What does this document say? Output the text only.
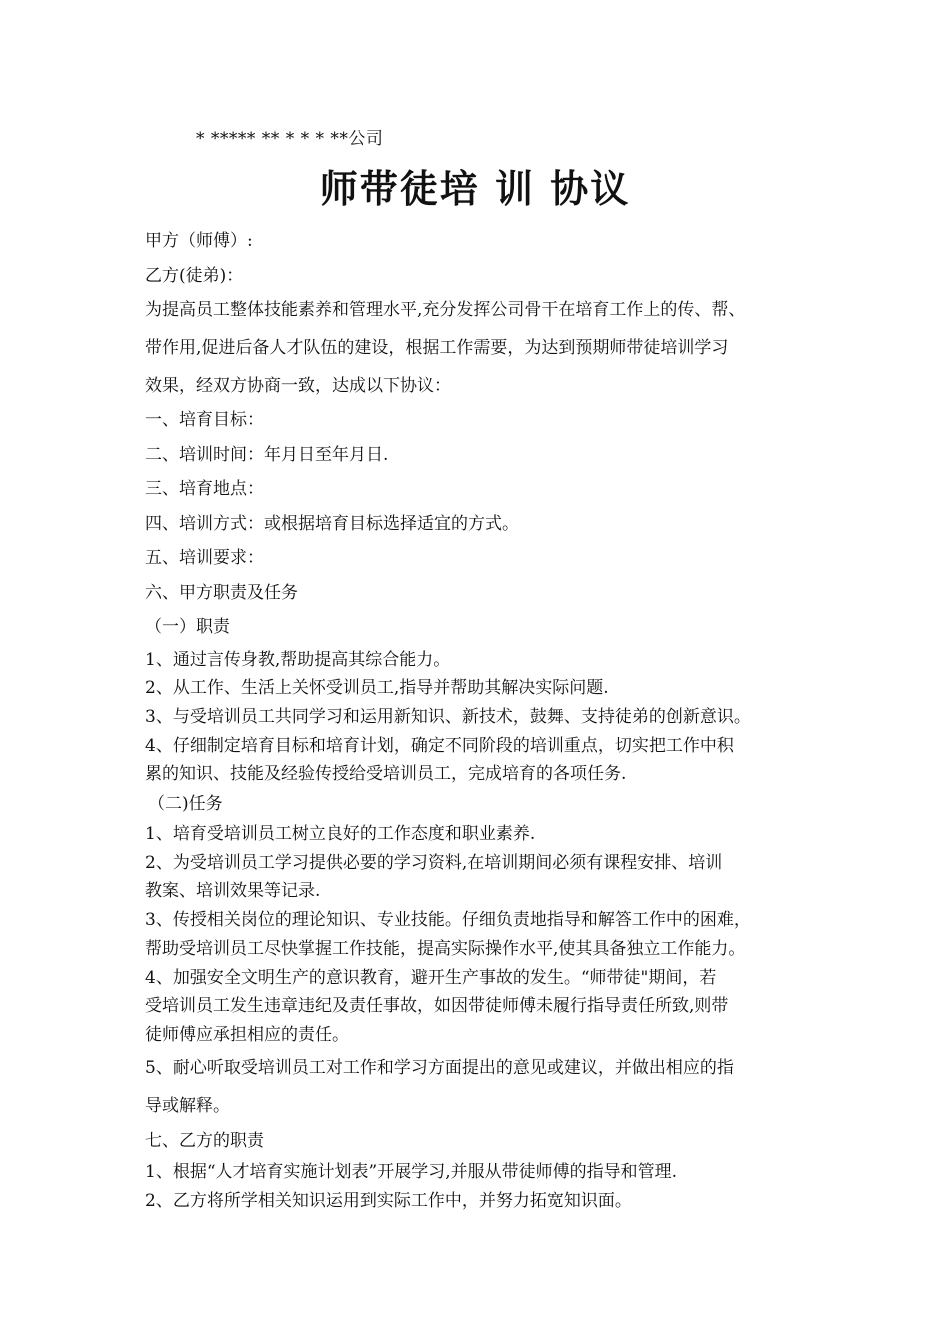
* ***** ** * * * **公司
师带徒培 训 协议
甲方（师傅）:
乙方(徒弟)：
为提高员工整体技能素养和管理水平,充分发挥公司骨干在培育工作上的传、帮、
带作用,促进后备人才队伍的建设，根据工作需要，为达到预期师带徒培训学习
效果，经双方协商一致，达成以下协议：
一、培育目标：
二、培训时间：年月日至年月日.
三、培育地点：
四、培训方式：或根据培育目标选择适宜的方式。
五、培训要求：
六、甲方职责及任务
（一）职责
1、通过言传身教,帮助提高其综合能力。
2、从工作、生活上关怀受训员工,指导并帮助其解决实际问题.
3、与受培训员工共同学习和运用新知识、新技术，鼓舞、支持徒弟的创新意识。
4、仔细制定培育目标和培育计划，确定不同阶段的培训重点，切实把工作中积
累的知识、技能及经验传授给受培训员工，完成培育的各项任务.
（二)任务
1、培育受培训员工树立良好的工作态度和职业素养.
2、为受培训员工学习提供必要的学习资料,在培训期间必须有课程安排、培训
教案、培训效果等记录.
3、传授相关岗位的理论知识、专业技能。仔细负责地指导和解答工作中的困难，
帮助受培训员工尽快掌握工作技能，提高实际操作水平,使其具备独立工作能力。
4、加强安全文明生产的意识教育，避开生产事故的发生。“师带徒"期间，若
受培训员工发生违章违纪及责任事故，如因带徒师傅未履行指导责任所致,则带
徒师傅应承担相应的责任。
5、耐心听取受培训员工对工作和学习方面提出的意见或建议，并做出相应的指
导或解释。
七、乙方的职责
1、根据“人才培育实施计划表”开展学习,并服从带徒师傅的指导和管理.
2、乙方将所学相关知识运用到实际工作中，并努力拓宽知识面。
